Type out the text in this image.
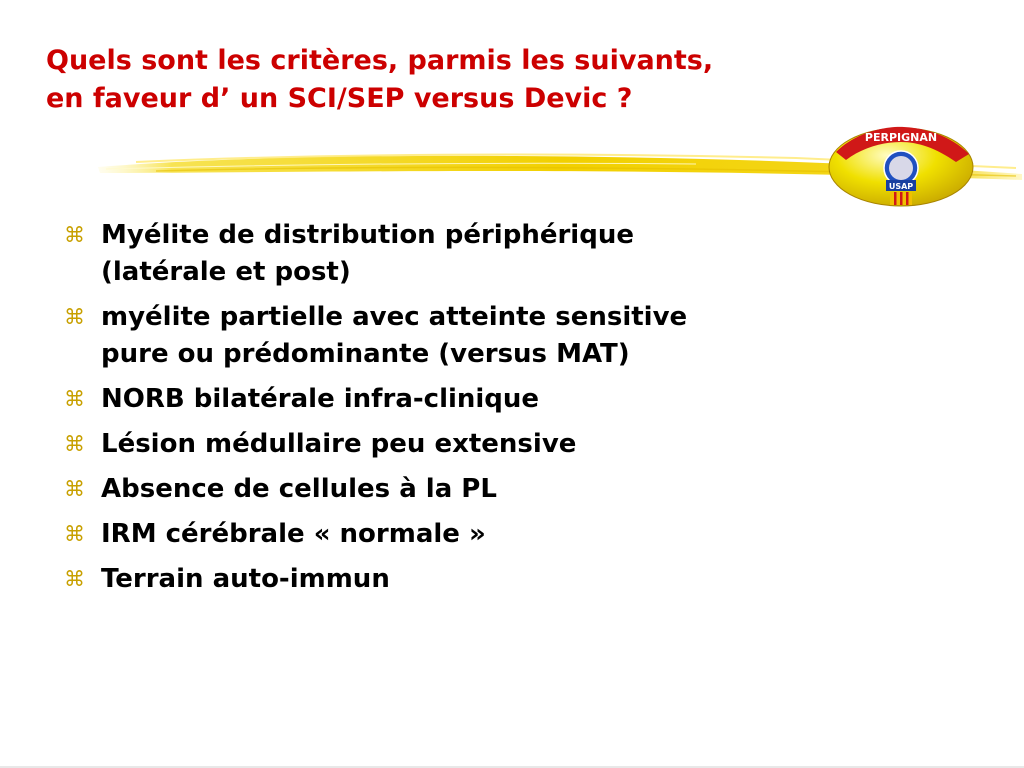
Quels sont les critères, parmis les suivants,
en faveur d’ un SCI/SEP versus Devic ?
PERPIGNAN
USAP
⌘ Myélite de distribution périphérique (latérale et post)
⌘ myélite partielle avec atteinte sensitive pure ou prédominante (versus MAT)
⌘ NORB bilatérale infra-clinique
⌘ Lésion médullaire peu extensive
⌘ Absence de cellules à la PL
⌘ IRM cérébrale « normale »
⌘ Terrain auto-immun
